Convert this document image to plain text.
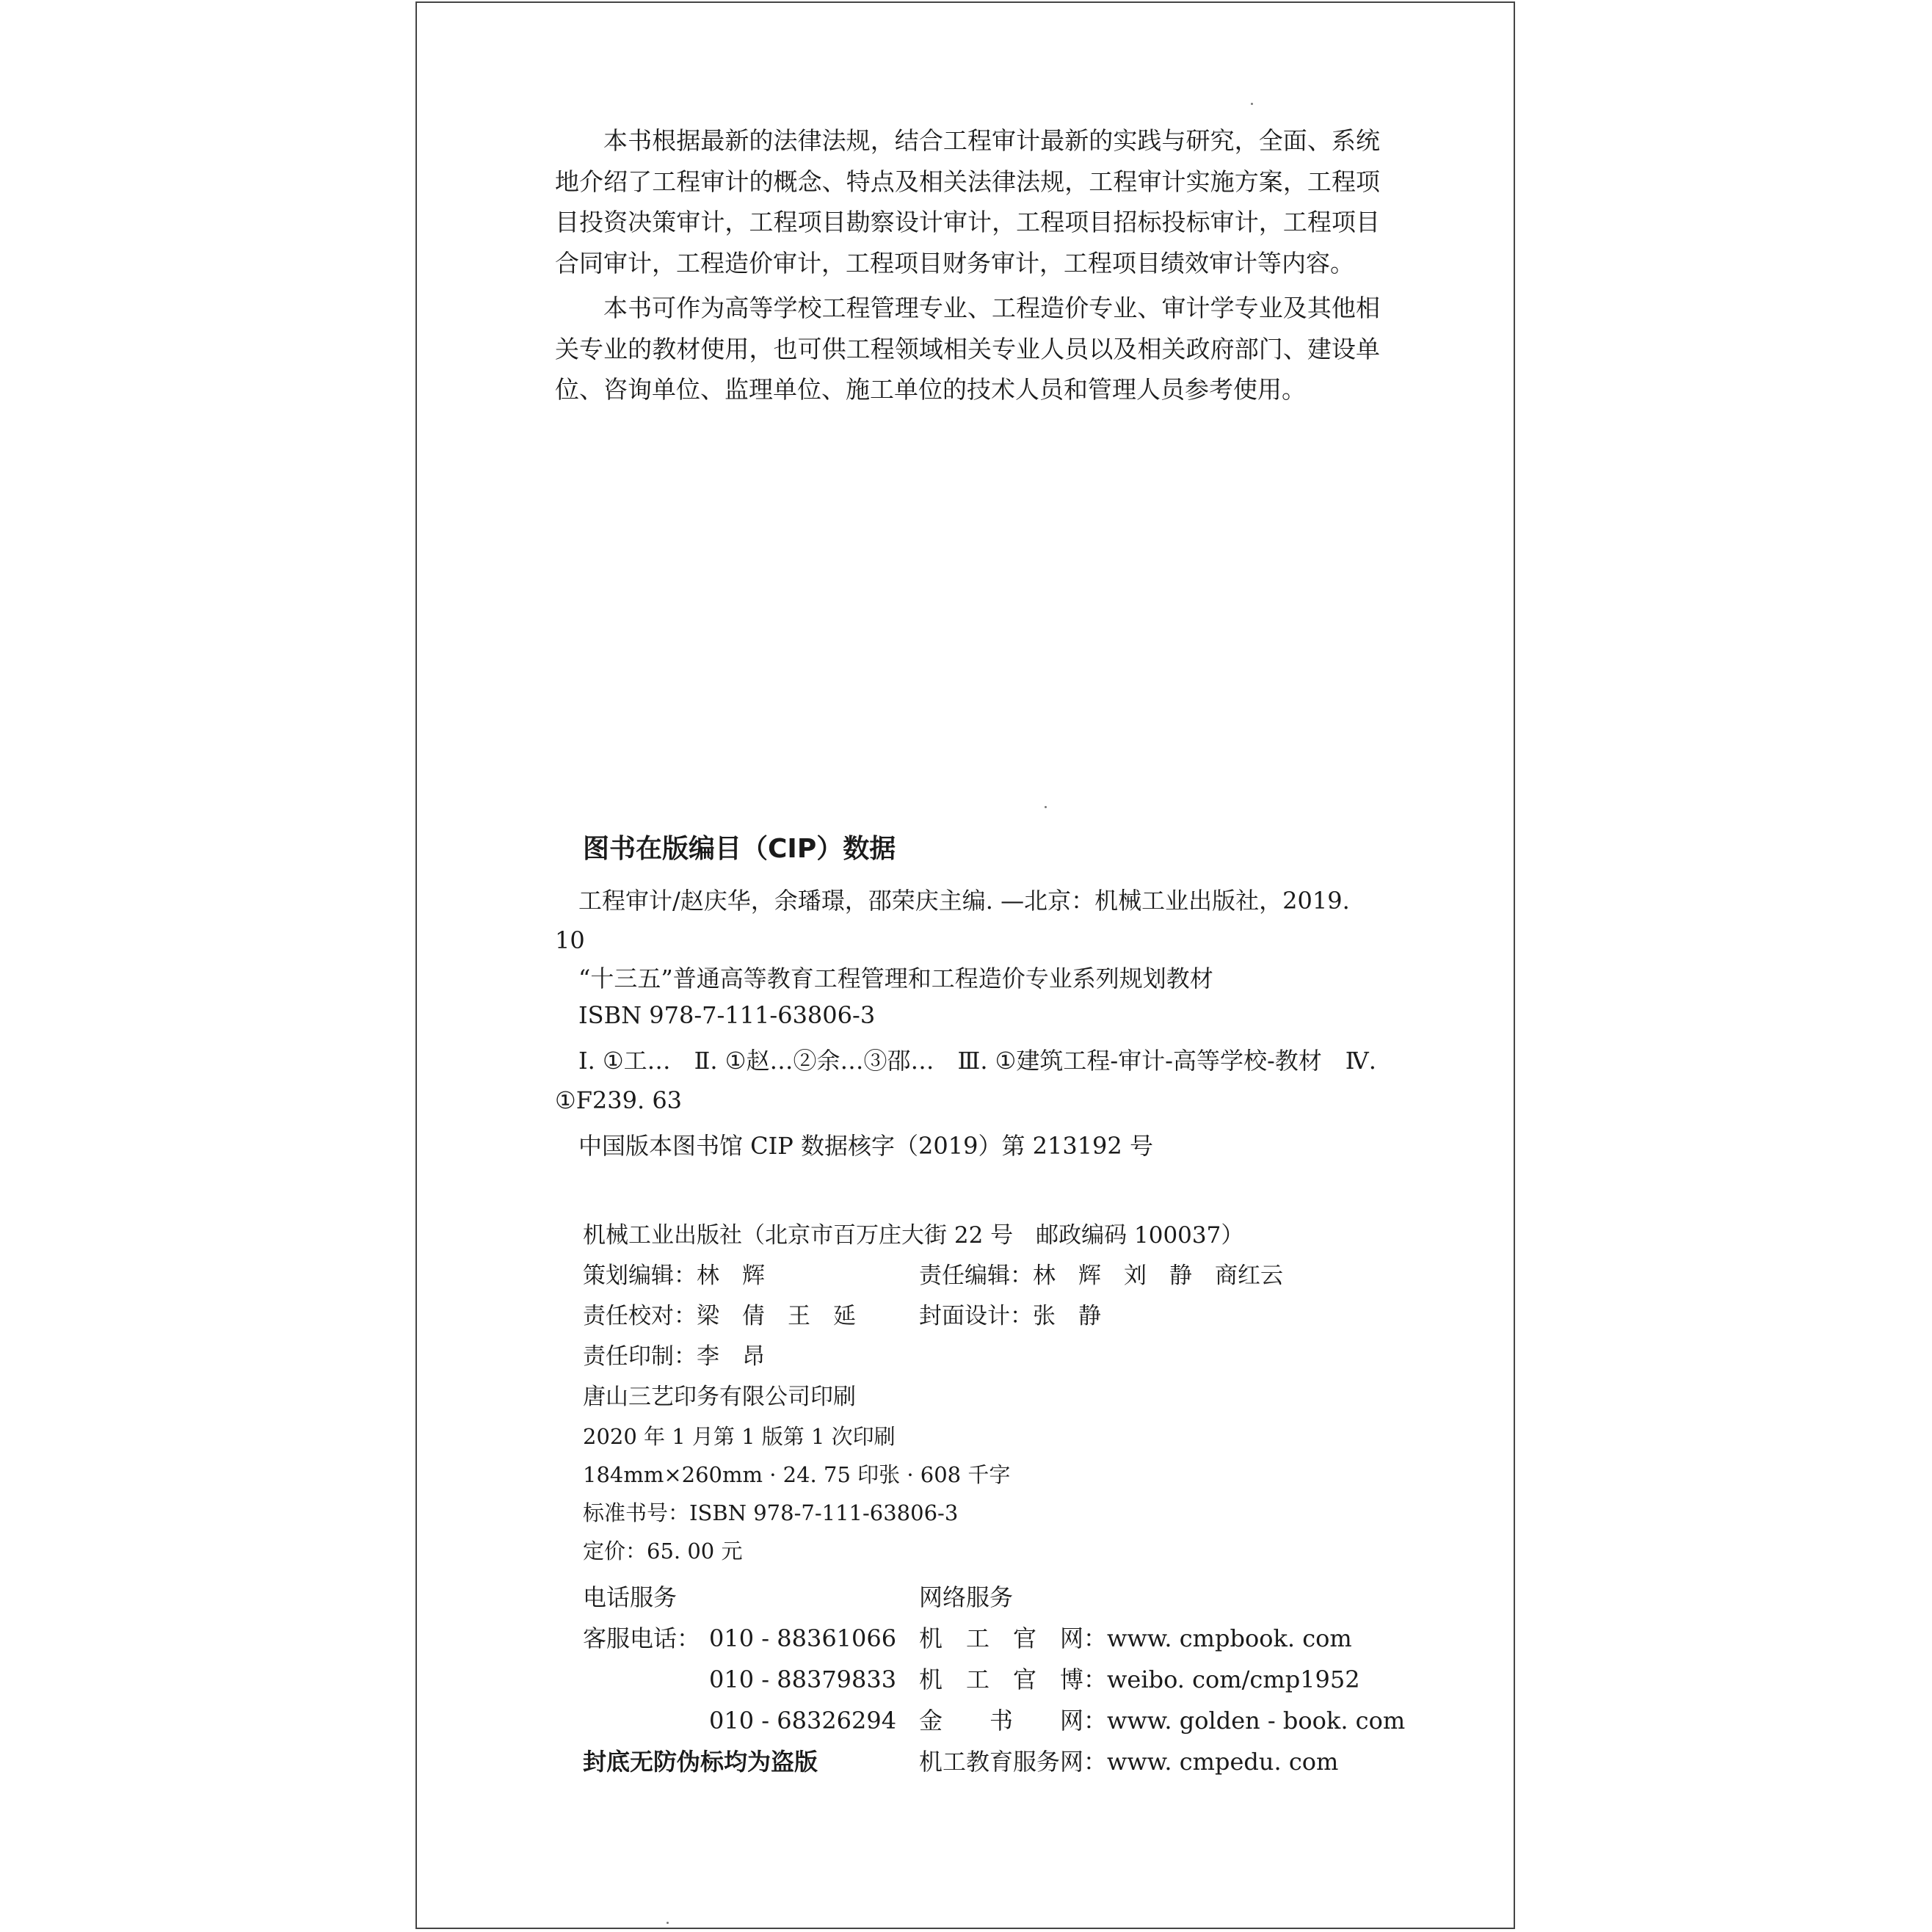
本书根据最新的法律法规，结合工程审计最新的实践与研究，全面、系统地介绍了工程审计的概念、特点及相关法律法规，工程审计实施方案，工程项目投资决策审计，工程项目勘察设计审计，工程项目招标投标审计，工程项目合同审计，工程造价审计，工程项目财务审计，工程项目绩效审计等内容。

本书可作为高等学校工程管理专业、工程造价专业、审计学专业及其他相关专业的教材使用，也可供工程领域相关专业人员以及相关政府部门、建设单位、咨询单位、监理单位、施工单位的技术人员和管理人员参考使用。

图书在版编目（CIP）数据
工程审计/赵庆华，余璠璟，邵荣庆主编. —北京：机械工业出版社，2019. 10
“十三五”普通高等教育工程管理和工程造价专业系列规划教材
ISBN 978-7-111-63806-3
Ⅰ. ①工…　Ⅱ. ①赵…②余…③邵…　Ⅲ. ①建筑工程-审计-高等学校-教材　Ⅳ. ①F239. 63
中国版本图书馆 CIP 数据核字（2019）第 213192 号
机械工业出版社（北京市百万庄大街 22 号　邮政编码 100037）
策划编辑：林　辉	责任编辑：林　辉　刘　静　商红云
责任校对：梁　倩　王　延	封面设计：张　静
责任印制：李　昂
唐山三艺印务有限公司印刷
2020 年 1 月第 1 版第 1 次印刷
184mm×260mm · 24. 75 印张 · 608 千字
标准书号：ISBN 978-7-111-63806-3
定价：65. 00 元
电话服务	网络服务
客服电话： 010 - 88361066 机　工　官　网：www. cmpbook. com
010 - 88379833 机　工　官　博：weibo. com/cmp1952
010 - 68326294 金　　书　　网：www. golden - book. com
封底无防伪标均为盗版	机工教育服务网：www. cmpedu. com
